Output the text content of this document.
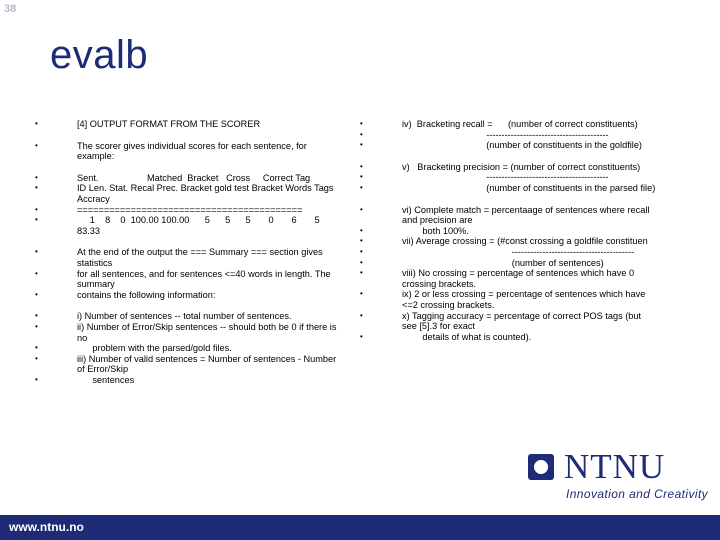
38
evalb
• [4] OUTPUT FORMAT FROM THE SCORER
• The scorer gives individual scores for each sentence, for example:
• Sent.                   Matched  Bracket   Cross     Correct Tag
• ID Len. Stat. Recal Prec. Bracket gold test Bracket Words Tags Accracy
• ==========================================
•      1    8    0  100.00 100.00      5      5      5       0       6       5   83.33
• At the end of the output the === Summary === section gives statistics
• for all sentences, and for sentences <=40 words in length. The summary
• contains the following information:
• i) Number of sentences -- total number of sentences.
• ii) Number of Error/Skip sentences -- should both be 0 if there is no
•       problem with the parsed/gold files.
• iii) Number of valid sentences = Number of sentences - Number of Error/Skip
•       sentences
• iv)  Bracketing recall =      (number of correct constituents)
•                                  ----------------------------------------
•                                  (number of constituents in the goldfile)
• v)   Bracketing precision = (number of correct constituents)
•                                  ----------------------------------------
•                                  (number of constituents in the parsed file)
• vi) Complete match = percentaage of sentences where recall and precision are
•         both 100%.
• vii) Average crossing = (#const crossing a goldfile constituen
•                                            ----------------------------------------
•                                            (number of sentences)
• viii) No crossing = percentage of sentences which have 0 crossing brackets.
• ix) 2 or less crossing = percentage of sentences which have <=2 crossing brackets.
• x) Tagging accuracy = percentage of correct POS tags (but see [5].3 for exact
•         details of what is counted).
NTNU
Innovation and Creativity
www.ntnu.no
